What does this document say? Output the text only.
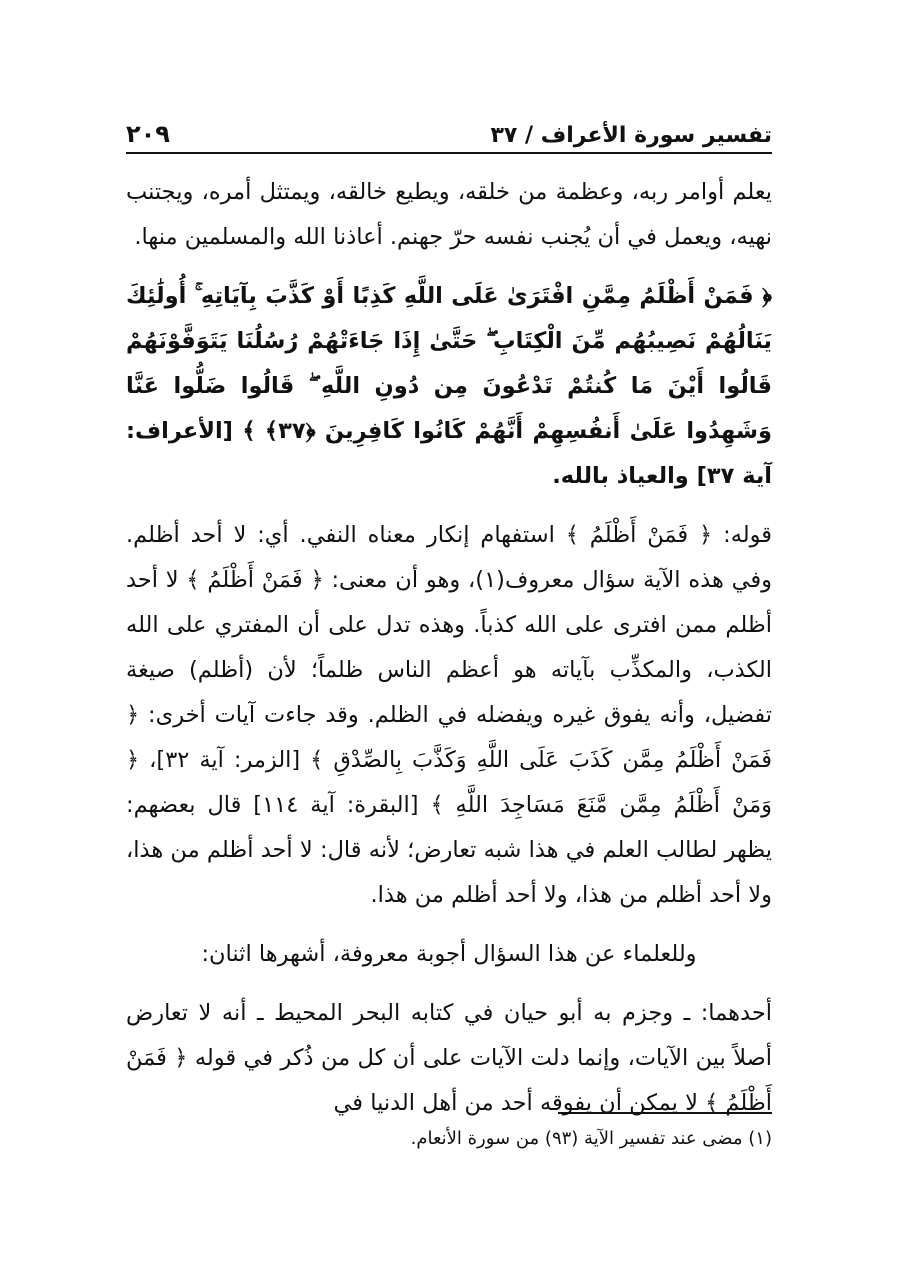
تفسير سورة الأعراف / ٣٧
٢٠٩

يعلم أوامر ربه، وعظمة من خلقه، ويطيع خالقه، ويمتثل أمره، ويجتنب نهيه، ويعمل في أن يُجنب نفسه حرّ جهنم. أعاذنا الله والمسلمين منها.

﴿ فَمَنْ أَظْلَمُ مِمَّنِ افْتَرَىٰ عَلَى اللَّهِ كَذِبًا أَوْ كَذَّبَ بِآيَاتِهِ ۚ أُولَٰئِكَ يَنَالُهُمْ نَصِيبُهُم مِّنَ الْكِتَابِ ۖ حَتَّىٰ إِذَا جَاءَتْهُمْ رُسُلُنَا يَتَوَفَّوْنَهُمْ قَالُوا أَيْنَ مَا كُنتُمْ تَدْعُونَ مِن دُونِ اللَّهِ ۖ قَالُوا ضَلُّوا عَنَّا وَشَهِدُوا عَلَىٰ أَنفُسِهِمْ أَنَّهُمْ كَانُوا كَافِرِينَ ﴿٣٧﴾ ﴾ [الأعراف: آية ٣٧] والعياذ بالله.

قوله: ﴿ فَمَنْ أَظْلَمُ ﴾ استفهام إنكار معناه النفي. أي: لا أحد أظلم. وفي هذه الآية سؤال معروف(١)، وهو أن معنى: ﴿ فَمَنْ أَظْلَمُ ﴾ لا أحد أظلم ممن افترى على الله كذباً. وهذه تدل على أن المفتري على الله الكذب، والمكذِّب بآياته هو أعظم الناس ظلماً؛ لأن (أظلم) صيغة تفضيل، وأنه يفوق غيره ويفضله في الظلم. وقد جاءت آيات أخرى: ﴿ فَمَنْ أَظْلَمُ مِمَّن كَذَبَ عَلَى اللَّهِ وَكَذَّبَ بِالصِّدْقِ ﴾ [الزمر: آية ٣٢]، ﴿ وَمَنْ أَظْلَمُ مِمَّن مَّنَعَ مَسَاجِدَ اللَّهِ ﴾ [البقرة: آية ١١٤] قال بعضهم: يظهر لطالب العلم في هذا شبه تعارض؛ لأنه قال: لا أحد أظلم من هذا، ولا أحد أظلم من هذا، ولا أحد أظلم من هذا.

وللعلماء عن هذا السؤال أجوبة معروفة، أشهرها اثنان:

أحدهما: ـ وجزم به أبو حيان في كتابه البحر المحيط ـ أنه لا تعارض أصلاً بين الآيات، وإنما دلت الآيات على أن كل من ذُكر في قوله ﴿ فَمَنْ أَظْلَمُ ﴾ لا يمكن أن يفوقه أحد من أهل الدنيا في

(١) مضى عند تفسير الآية (٩٣) من سورة الأنعام.
